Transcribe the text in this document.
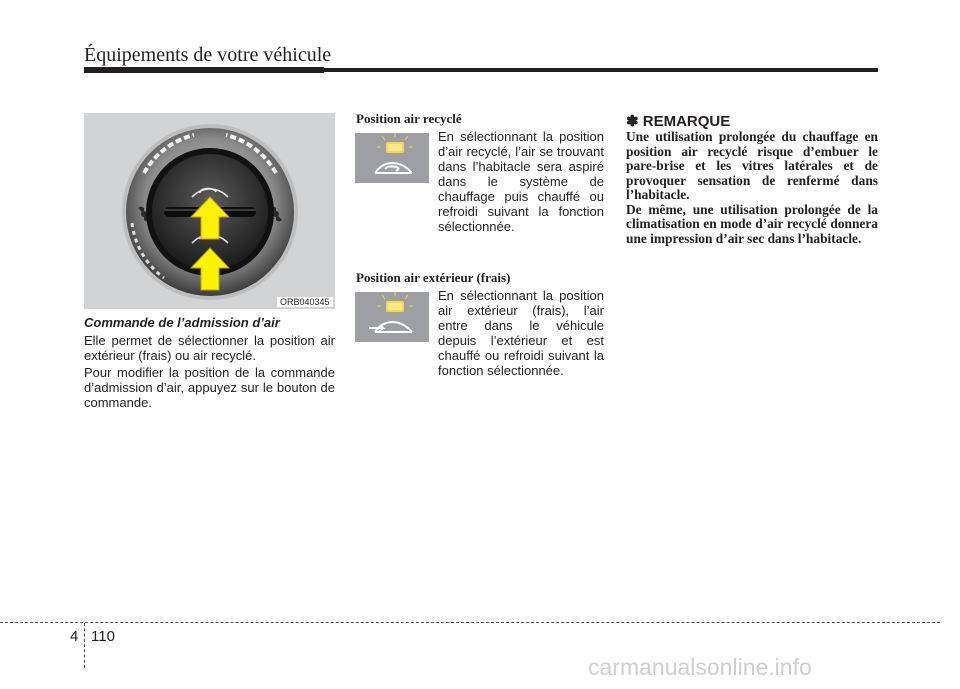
Équipements de votre véhicule
ORB040345
Commande de l’admission d’air
Elle permet de sélectionner la position air extérieur (frais) ou air recyclé.
Pour modifier la position de la commande d’admission d’air, appuyez sur le bouton de commande.
Position air recyclé
En sélectionnant la position d’air recyclé, l’air se trouvant dans l’habitacle sera aspiré dans le système de chauffage puis chauffé ou refroidi suivant la fonction sélectionnée.
Position air extérieur (frais)
En sélectionnant la position air extérieur (frais), l’air entre dans le véhicule depuis l’extérieur et est chauffé ou refroidi suivant la fonction sélectionnée.
✽ REMARQUE
Une utilisation prolongée du chauffage en position air recyclé risque d’embuer le pare-brise et les vitres latérales et de provoquer sensation de renfermé dans l’habitacle.
De même, une utilisation prolongée de la climatisation en mode d’air recyclé donnera une impression d’air sec dans l’habitacle.
4 110
carmanualsonline.info
